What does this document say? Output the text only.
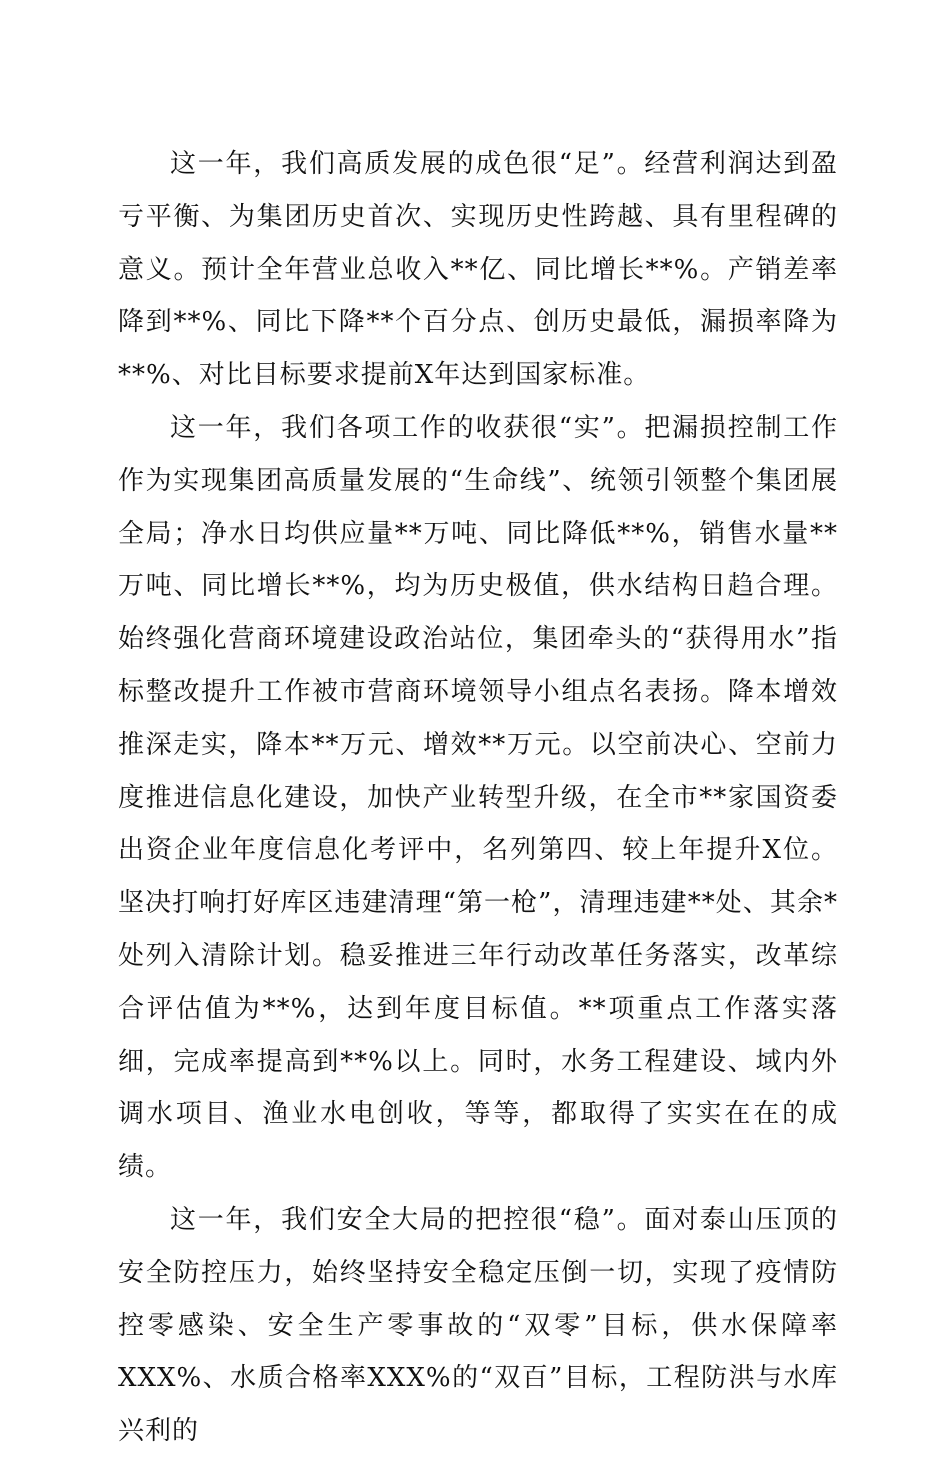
这一年，我们高质发展的成色很“足”。经营利润达到盈亏平衡、为集团历史首次、实现历史性跨越、具有里程碑的意义。预计全年营业总收入**亿、同比增长**%。产销差率降到**%、同比下降**个百分点、创历史最低，漏损率降为**%、对比目标要求提前X年达到国家标准。

这一年，我们各项工作的收获很“实”。把漏损控制工作作为实现集团高质量发展的“生命线”、统领引领整个集团展全局；净水日均供应量**万吨、同比降低**%，销售水量**万吨、同比增长**%，均为历史极值，供水结构日趋合理。始终强化营商环境建设政治站位，集团牵头的“获得用水”指标整改提升工作被市营商环境领导小组点名表扬。降本增效推深走实，降本**万元、增效**万元。以空前决心、空前力度推进信息化建设，加快产业转型升级，在全市**家国资委出资企业年度信息化考评中，名列第四、较上年提升X位。坚决打响打好库区违建清理“第一枪”，清理违建**处、其余*处列入清除计划。稳妥推进三年行动改革任务落实，改革综合评估值为**%，达到年度目标值。**项重点工作落实落细，完成率提高到**%以上。同时，水务工程建设、域内外调水项目、渔业水电创收，等等，都取得了实实在在的成绩。

这一年，我们安全大局的把控很“稳”。面对泰山压顶的安全防控压力，始终坚持安全稳定压倒一切，实现了疫情防控零感染、安全生产零事故的“双零”目标，供水保障率XXX%、水质合格率XXX%的“双百”目标，工程防洪与水库兴利的
